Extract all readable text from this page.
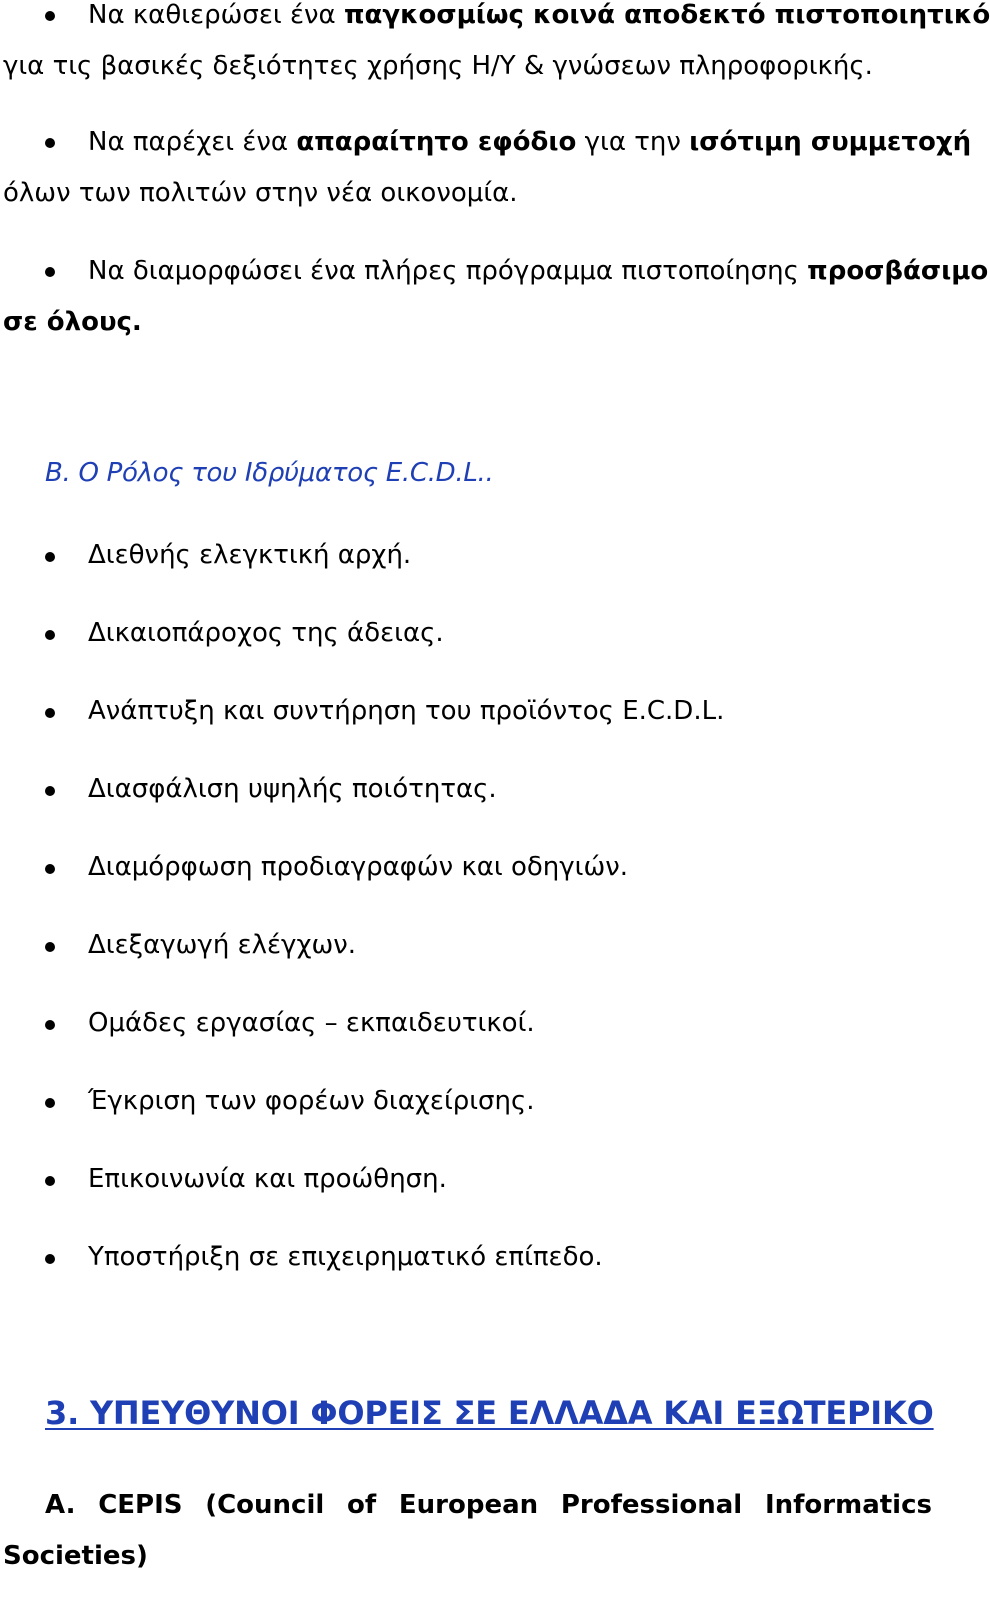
Να καθιερώσει ένα παγκοσμίως κοινά αποδεκτό πιστοποιητικό
για τις βασικές δεξιότητες χρήσης Η/Υ & γνώσεων πληροφορικής.
Να παρέχει ένα απαραίτητο εφόδιο για την ισότιμη συμμετοχή
όλων των πολιτών στην νέα οικονομία.
Να διαμορφώσει ένα πλήρες πρόγραμμα πιστοποίησης προσβάσιμο
σε όλους.
Β. Ο Ρόλος του Ιδρύματος E.C.D.L..
Διεθνής ελεγκτική αρχή.
Δικαιοπάροχος της άδειας.
Ανάπτυξη και συντήρηση του προϊόντος E.C.D.L.
Διασφάλιση υψηλής ποιότητας.
Διαμόρφωση προδιαγραφών και οδηγιών.
Διεξαγωγή ελέγχων.
Ομάδες εργασίας – εκπαιδευτικοί.
Έγκριση των φορέων διαχείρισης.
Επικοινωνία και προώθηση.
Υποστήριξη σε επιχειρηματικό επίπεδο.
3. ΥΠΕΥΘΥΝΟΙ ΦΟΡΕΙΣ ΣΕ ΕΛΛΑΔΑ ΚΑΙ ΕΞΩΤΕΡΙΚΟ
A. CEPIS (Council of European Professional Informatics
Societies)
